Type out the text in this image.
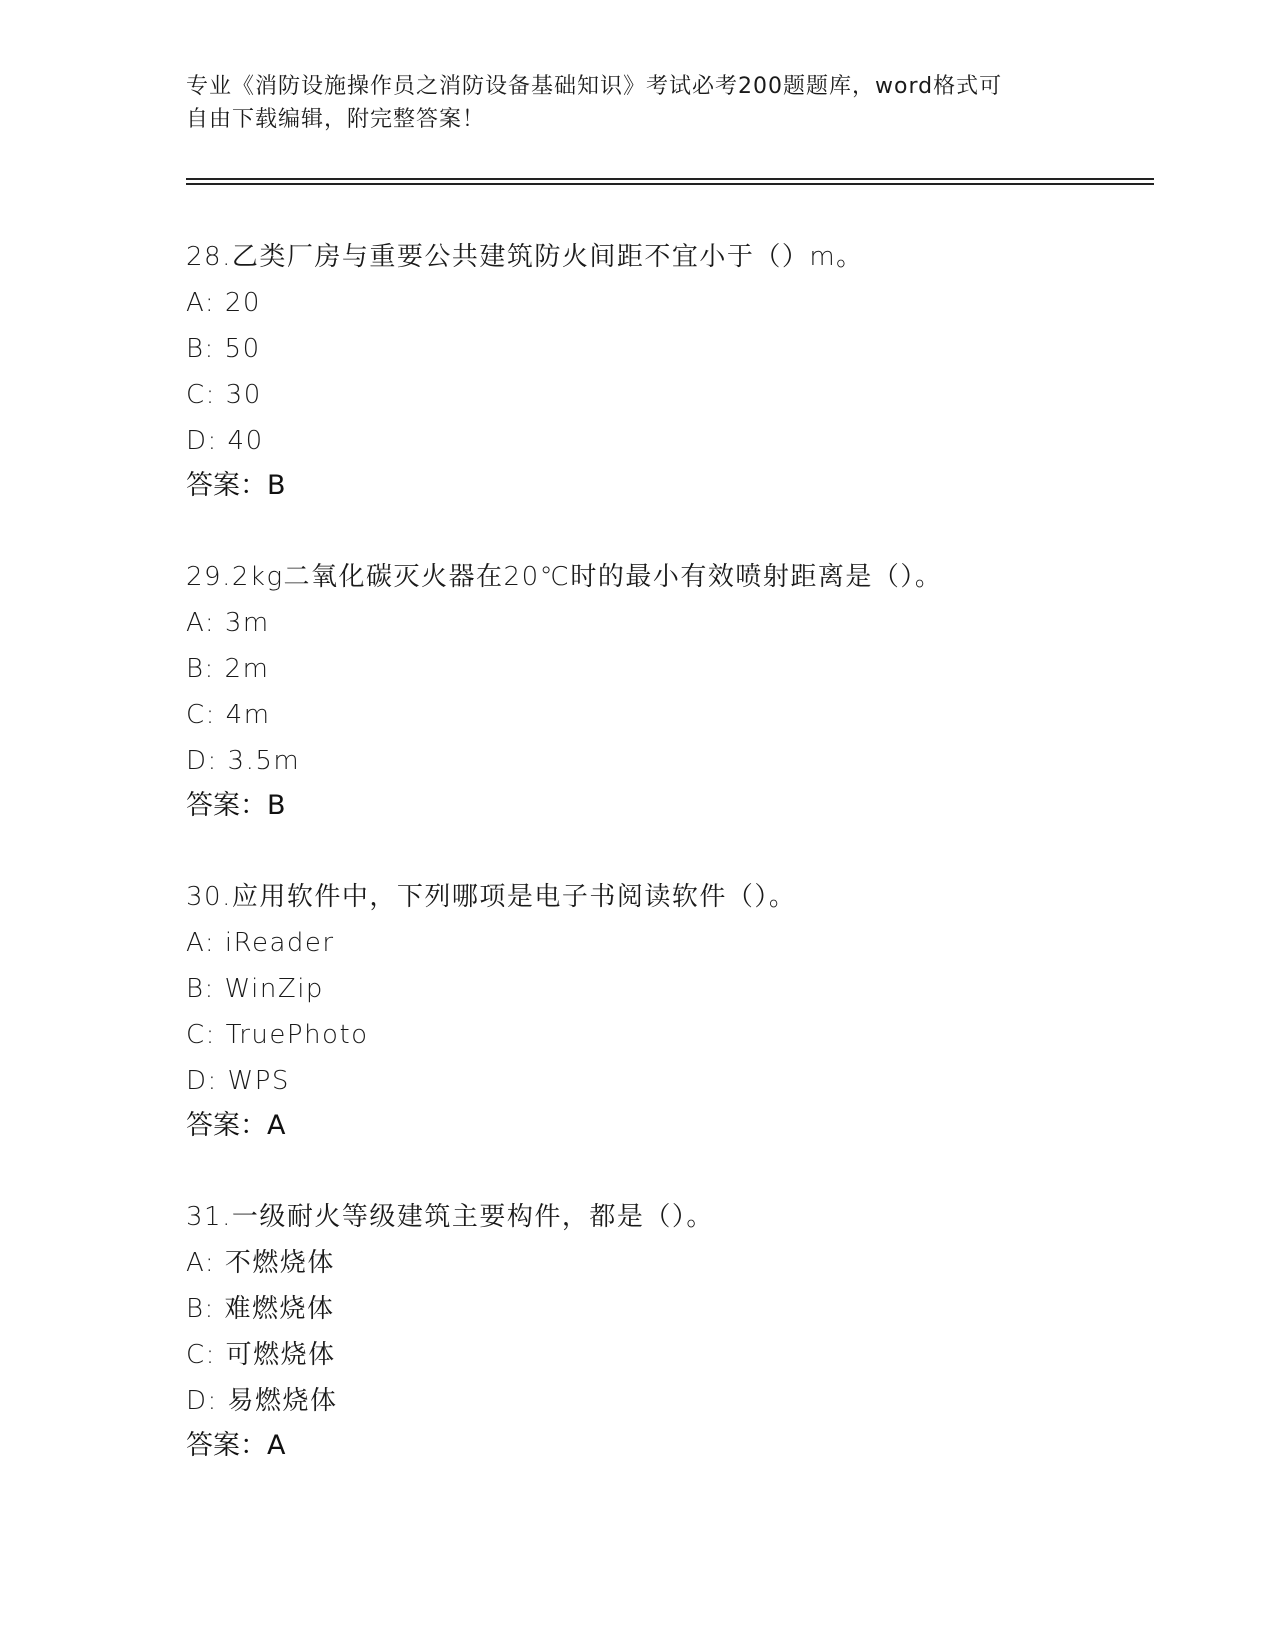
专业《消防设施操作员之消防设备基础知识》考试必考200题题库，word格式可
自由下载编辑，附完整答案！
28.乙类厂房与重要公共建筑防火间距不宜小于（）m。
A: 20
B: 50
C: 30
D: 40
答案：B
29.2kg二氧化碳灭火器在20℃时的最小有效喷射距离是（）。
A: 3m
B: 2m
C: 4m
D: 3.5m
答案：B
30.应用软件中，下列哪项是电子书阅读软件（）。
A: iReader
B: WinZip
C: TruePhoto
D: WPS
答案：A
31.一级耐火等级建筑主要构件，都是（）。
A: 不燃烧体
B: 难燃烧体
C: 可燃烧体
D: 易燃烧体
答案：A
